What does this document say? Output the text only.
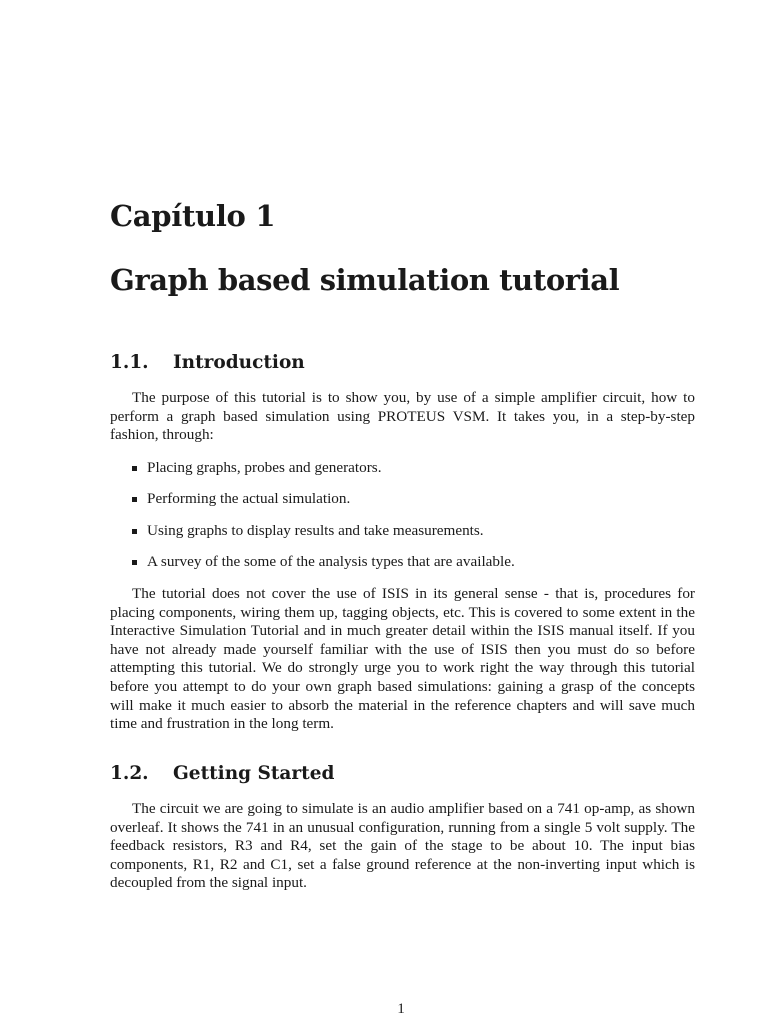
Capítulo 1
Graph based simulation tutorial
1.1. Introduction

The purpose of this tutorial is to show you, by use of a simple amplifier circuit, how to perform a graph based simulation using PROTEUS VSM. It takes you, in a step-by-step fashion, through:

Placing graphs, probes and generators.
Performing the actual simulation.
Using graphs to display results and take measurements.
A survey of the some of the analysis types that are available.

The tutorial does not cover the use of ISIS in its general sense - that is, procedures for placing components, wiring them up, tagging objects, etc. This is covered to some extent in the Interactive Simulation Tutorial and in much greater detail within the ISIS manual itself. If you have not already made yourself familiar with the use of ISIS then you must do so before attempting this tutorial. We do strongly urge you to work right the way through this tutorial before you attempt to do your own graph based simulations: gaining a grasp of the concepts will make it much easier to absorb the material in the reference chapters and will save much time and frustration in the long term.

1.2. Getting Started

The circuit we are going to simulate is an audio amplifier based on a 741 op-amp, as shown overleaf. It shows the 741 in an unusual configuration, running from a single 5 volt supply. The feedback resistors, R3 and R4, set the gain of the stage to be about 10. The input bias components, R1, R2 and C1, set a false ground reference at the non-inverting input which is decoupled from the signal input.

1
